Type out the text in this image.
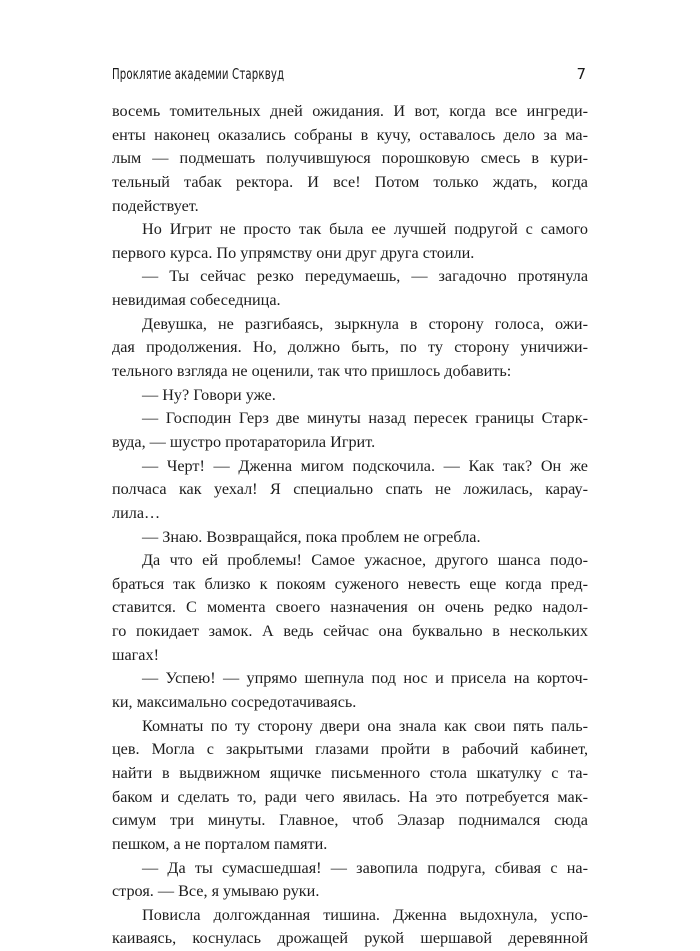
Проклятие академии Старквуд	7
восемь томительных дней ожидания. И вот, когда все ингреди-
енты наконец оказались собраны в кучу, оставалось дело за ма-
лым — подмешать получившуюся порошковую смесь в кури-
тельный табак ректора. И все! Потом только ждать, когда
подействует.
Но Игрит не просто так была ее лучшей подругой с самого
первого курса. По упрямству они друг друга стоили.
— Ты сейчас резко передумаешь, — загадочно протянула
невидимая собеседница.
Девушка, не разгибаясь, зыркнула в сторону голоса, ожи-
дая продолжения. Но, должно быть, по ту сторону уничижи-
тельного взгляда не оценили, так что пришлось добавить:
— Ну? Говори уже.
— Господин Герз две минуты назад пересек границы Старк-
вуда, — шустро протараторила Игрит.
— Черт! — Дженна мигом подскочила. — Как так? Он же
полчаса как уехал! Я специально спать не ложилась, карау-
лила…
— Знаю. Возвращайся, пока проблем не огребла.
Да что ей проблемы! Самое ужасное, другого шанса подо-
браться так близко к покоям суженого невесть еще когда пред-
ставится. С момента своего назначения он очень редко надол-
го покидает замок. А ведь сейчас она буквально в нескольких
шагах!
— Успею! — упрямо шепнула под нос и присела на корточ-
ки, максимально сосредотачиваясь.
Комнаты по ту сторону двери она знала как свои пять паль-
цев. Могла с закрытыми глазами пройти в рабочий кабинет,
найти в выдвижном ящичке письменного стола шкатулку с та-
баком и сделать то, ради чего явилась. На это потребуется мак-
симум три минуты. Главное, чтоб Элазар поднимался сюда
пешком, а не порталом памяти.
— Да ты сумасшедшая! — завопила подруга, сбивая с на-
строя. — Все, я умываю руки.
Повисла долгожданная тишина. Дженна выдохнула, успо-
каиваясь, коснулась дрожащей рукой шершавой деревянной
